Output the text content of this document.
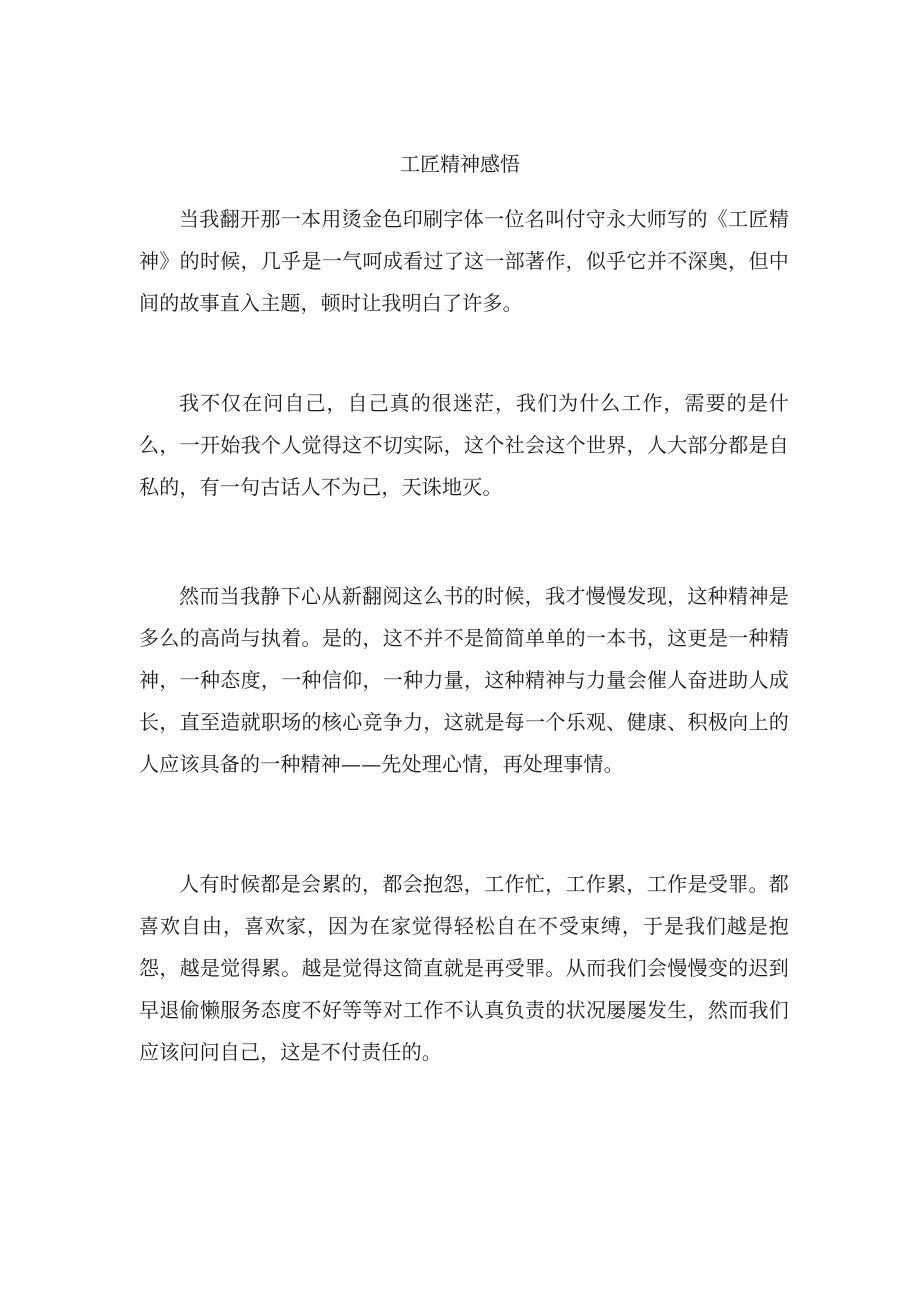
工匠精神感悟

当我翻开那一本用烫金色印刷字体一位名叫付守永大师写的《工匠精神》的时候，几乎是一气呵成看过了这一部著作，似乎它并不深奥，但中间的故事直入主题，顿时让我明白了许多。

我不仅在问自己，自己真的很迷茫，我们为什么工作，需要的是什么，一开始我个人觉得这不切实际，这个社会这个世界，人大部分都是自私的，有一句古话人不为己，天诛地灭。

然而当我静下心从新翻阅这么书的时候，我才慢慢发现，这种精神是多么的高尚与执着。是的，这不并不是简简单单的一本书，这更是一种精神，一种态度，一种信仰，一种力量，这种精神与力量会催人奋进助人成长，直至造就职场的核心竞争力，这就是每一个乐观、健康、积极向上的人应该具备的一种精神——先处理心情，再处理事情。

人有时候都是会累的，都会抱怨，工作忙，工作累，工作是受罪。都喜欢自由，喜欢家，因为在家觉得轻松自在不受束缚，于是我们越是抱怨，越是觉得累。越是觉得这简直就是再受罪。从而我们会慢慢变的迟到早退偷懒服务态度不好等等对工作不认真负责的状况屡屡发生，然而我们应该问问自己，这是不付责任的。
